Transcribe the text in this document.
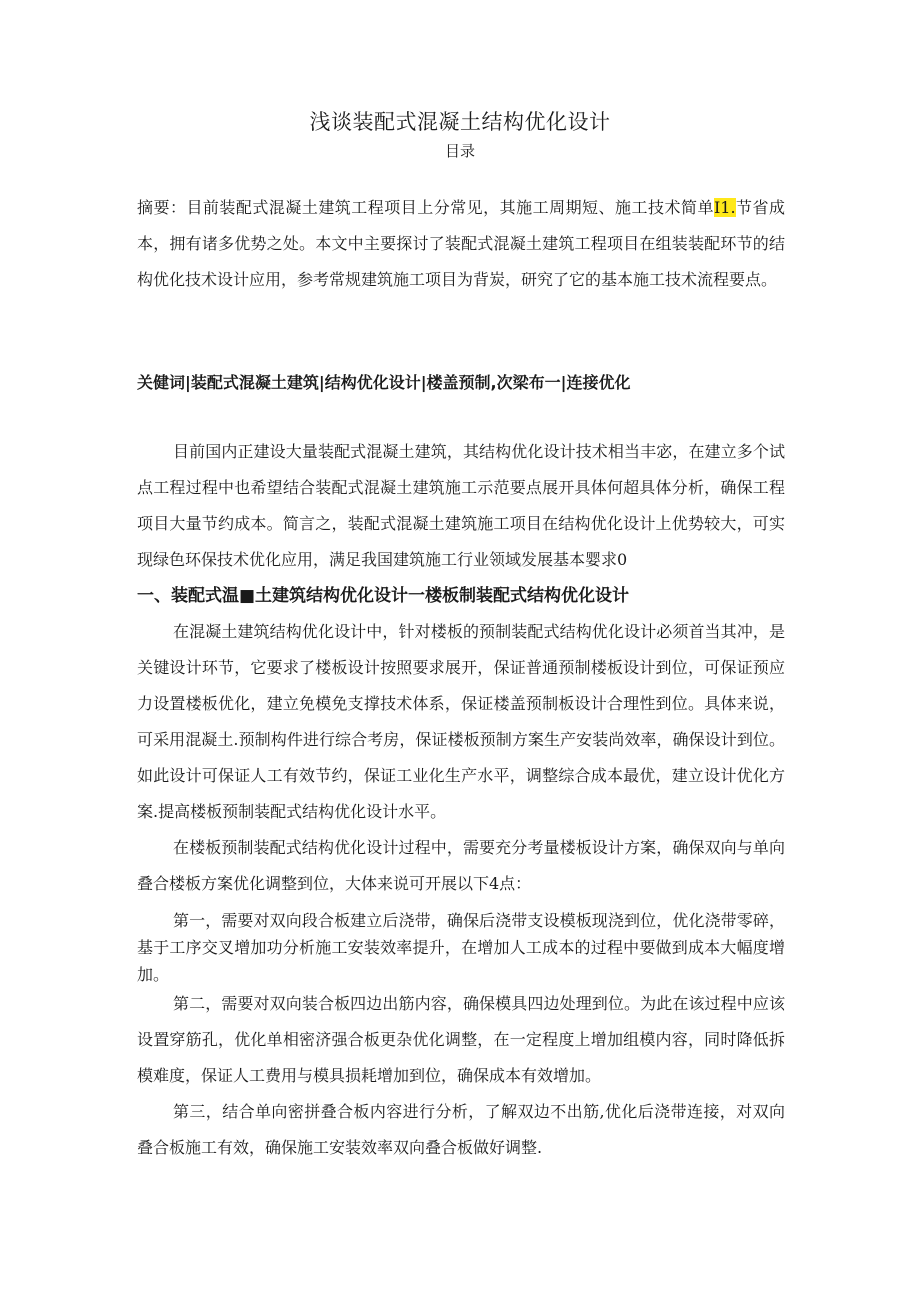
浅谈装配式混凝土结构优化设计
目录

摘要：目前装配式混凝土建筑工程项目上分常见，其施工周期短、施工技术简单I1.节省成本，拥有诸多优势之处。本文中主要探讨了装配式混凝土建筑工程项目在组装装配环节的结构优化技术设计应用，参考常规建筑施工项目为背炭，研究了它的基本施工技术流程要点。

关健词|装配式混凝土建筑|结构优化设计|楼盖预制,次梁布一|连接优化

目前国内正建设大量装配式混凝土建筑，其结构优化设计技术相当丰宓，在建立多个试点工程过程中也希望结合装配式混凝土建筑施工示范要点展开具体何超具体分析，确保工程项目大量节约成本。简言之，装配式混凝土建筑施工项目在结构优化设计上优势较大，可实现绿色环保技术优化应用，满足我国建筑施工行业领域发展基本婴求0

一、装配式温■土建筑结构优化设计一楼板制装配式结构优化设计

在混凝土建筑结构优化设计中，针对楼板的预制装配式结构优化设计必须首当其冲，是关键设计环节，它要求了楼板设计按照要求展开，保证普通预制楼板设计到位，可保证预应力设置楼板优化，建立免模免支撑技术体系，保证楼盖预制板设计合理性到位。具体来说，可采用混凝土.预制构件进行综合考房，保证楼板预制方案生产安装尚效率，确保设计到位。如此设计可保证人工有效节约，保证工业化生产水平，调整综合成本最优，建立设计优化方案.提高楼板预制装配式结构优化设计水平。

在楼板预制装配式结构优化设计过程中，需要充分考量楼板设计方案，确保双向与单向叠合楼板方案优化调整到位，大体来说可开展以下4点：

第一，需要对双向段合板建立后浇带，确保后浇带支设模板现浇到位，优化浇带零碎，基于工序交叉增加功分析施工安装效率提升，在增加人工成本的过程中要做到成本大幅度增加。

第二，需要对双向装合板四边出筋内容，确保模具四边处理到位。为此在该过程中应该设置穿筋孔，优化单相密济强合板更杂优化调整，在一定程度上增加组模内容，同时降低拆模难度，保证人工费用与模具损耗增加到位，确保成本有效增加。

第三，结合单向密拼叠合板内容进行分析，了解双边不出筋,优化后浇带连接，对双向叠合板施工有效，确保施工安装效率双向叠合板做好调整.
